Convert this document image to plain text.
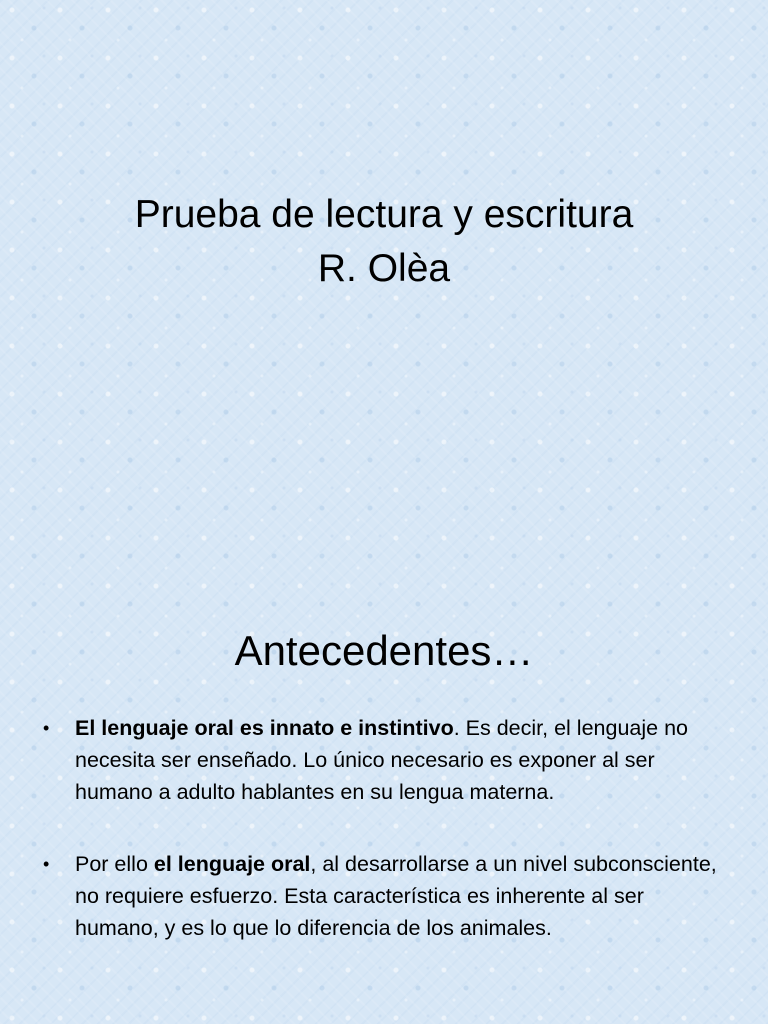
Prueba de lectura y escritura
R. Olèa
Antecedentes…
• El lenguaje oral es innato e instintivo. Es decir, el lenguaje no necesita ser enseñado. Lo único necesario es exponer al ser humano a adulto hablantes en su lengua materna.
• Por ello el lenguaje oral, al desarrollarse a un nivel subconsciente, no requiere esfuerzo. Esta característica es inherente al ser humano, y es lo que lo diferencia de los animales.
